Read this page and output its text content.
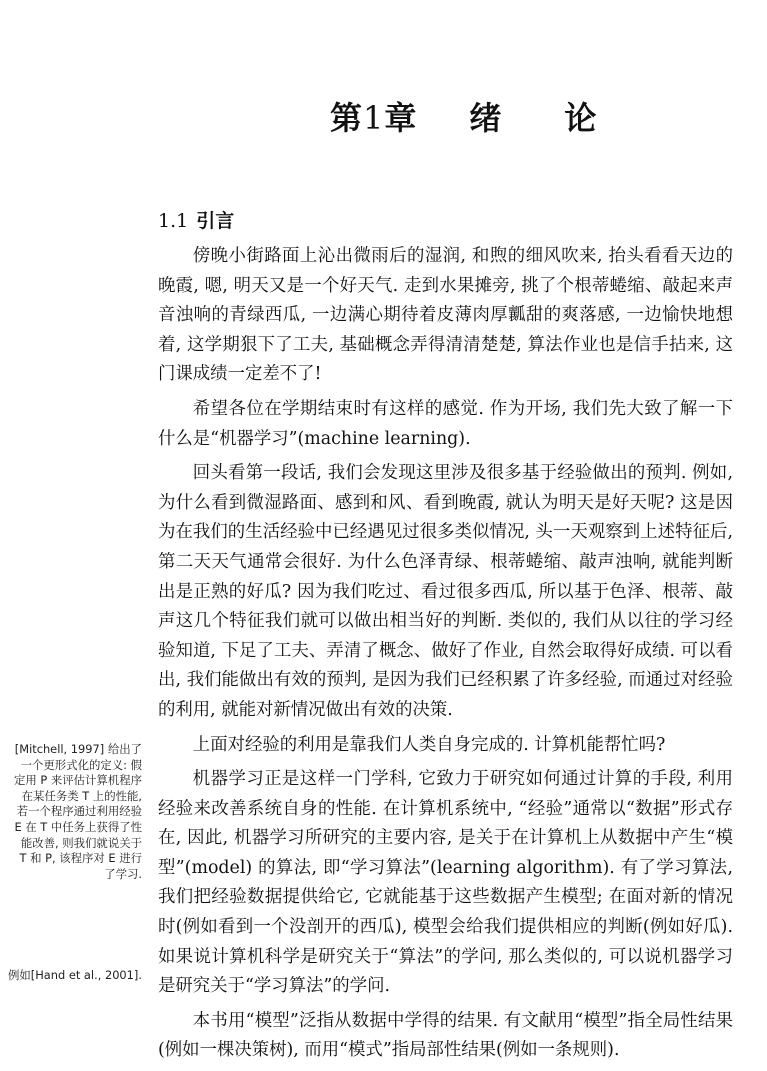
第1章 绪 论
1.1 引言

傍晚小街路面上沁出微雨后的湿润, 和煦的细风吹来, 抬头看看天边的晚霞, 嗯, 明天又是一个好天气. 走到水果摊旁, 挑了个根蒂蜷缩、敲起来声音浊响的青绿西瓜, 一边满心期待着皮薄肉厚瓤甜的爽落感, 一边愉快地想着, 这学期狠下了工夫, 基础概念弄得清清楚楚, 算法作业也是信手拈来, 这门课成绩一定差不了!

希望各位在学期结束时有这样的感觉. 作为开场, 我们先大致了解一下什么是“机器学习”(machine learning).

回头看第一段话, 我们会发现这里涉及很多基于经验做出的预判. 例如, 为什么看到微湿路面、感到和风、看到晚霞, 就认为明天是好天呢? 这是因为在我们的生活经验中已经遇见过很多类似情况, 头一天观察到上述特征后, 第二天天气通常会很好. 为什么色泽青绿、根蒂蜷缩、敲声浊响, 就能判断出是正熟的好瓜? 因为我们吃过、看过很多西瓜, 所以基于色泽、根蒂、敲声这几个特征我们就可以做出相当好的判断. 类似的, 我们从以往的学习经验知道, 下足了工夫、弄清了概念、做好了作业, 自然会取得好成绩. 可以看出, 我们能做出有效的预判, 是因为我们已经积累了许多经验, 而通过对经验的利用, 就能对新情况做出有效的决策.

上面对经验的利用是靠我们人类自身完成的. 计算机能帮忙吗?

机器学习正是这样一门学科, 它致力于研究如何通过计算的手段, 利用经验来改善系统自身的性能. 在计算机系统中, “经验”通常以“数据”形式存在, 因此, 机器学习所研究的主要内容, 是关于在计算机上从数据中产生“模型”(model) 的算法, 即“学习算法”(learning algorithm). 有了学习算法, 我们把经验数据提供给它, 它就能基于这些数据产生模型; 在面对新的情况时(例如看到一个没剖开的西瓜), 模型会给我们提供相应的判断(例如好瓜). 如果说计算机科学是研究关于“算法”的学问, 那么类似的, 可以说机器学习是研究关于“学习算法”的学问.

本书用“模型”泛指从数据中学得的结果. 有文献用“模型”指全局性结果(例如一棵决策树), 而用“模式”指局部性结果(例如一条规则).

[Mitchell, 1997] 给出了
一个更形式化的定义: 假
定用 P 来评估计算机程序
在某任务类 T 上的性能,
若一个程序通过利用经验
E 在 T 中任务上获得了性
能改善, 则我们就说关于
T 和 P, 该程序对 E 进行
了学习.
例如[Hand et al., 2001].
